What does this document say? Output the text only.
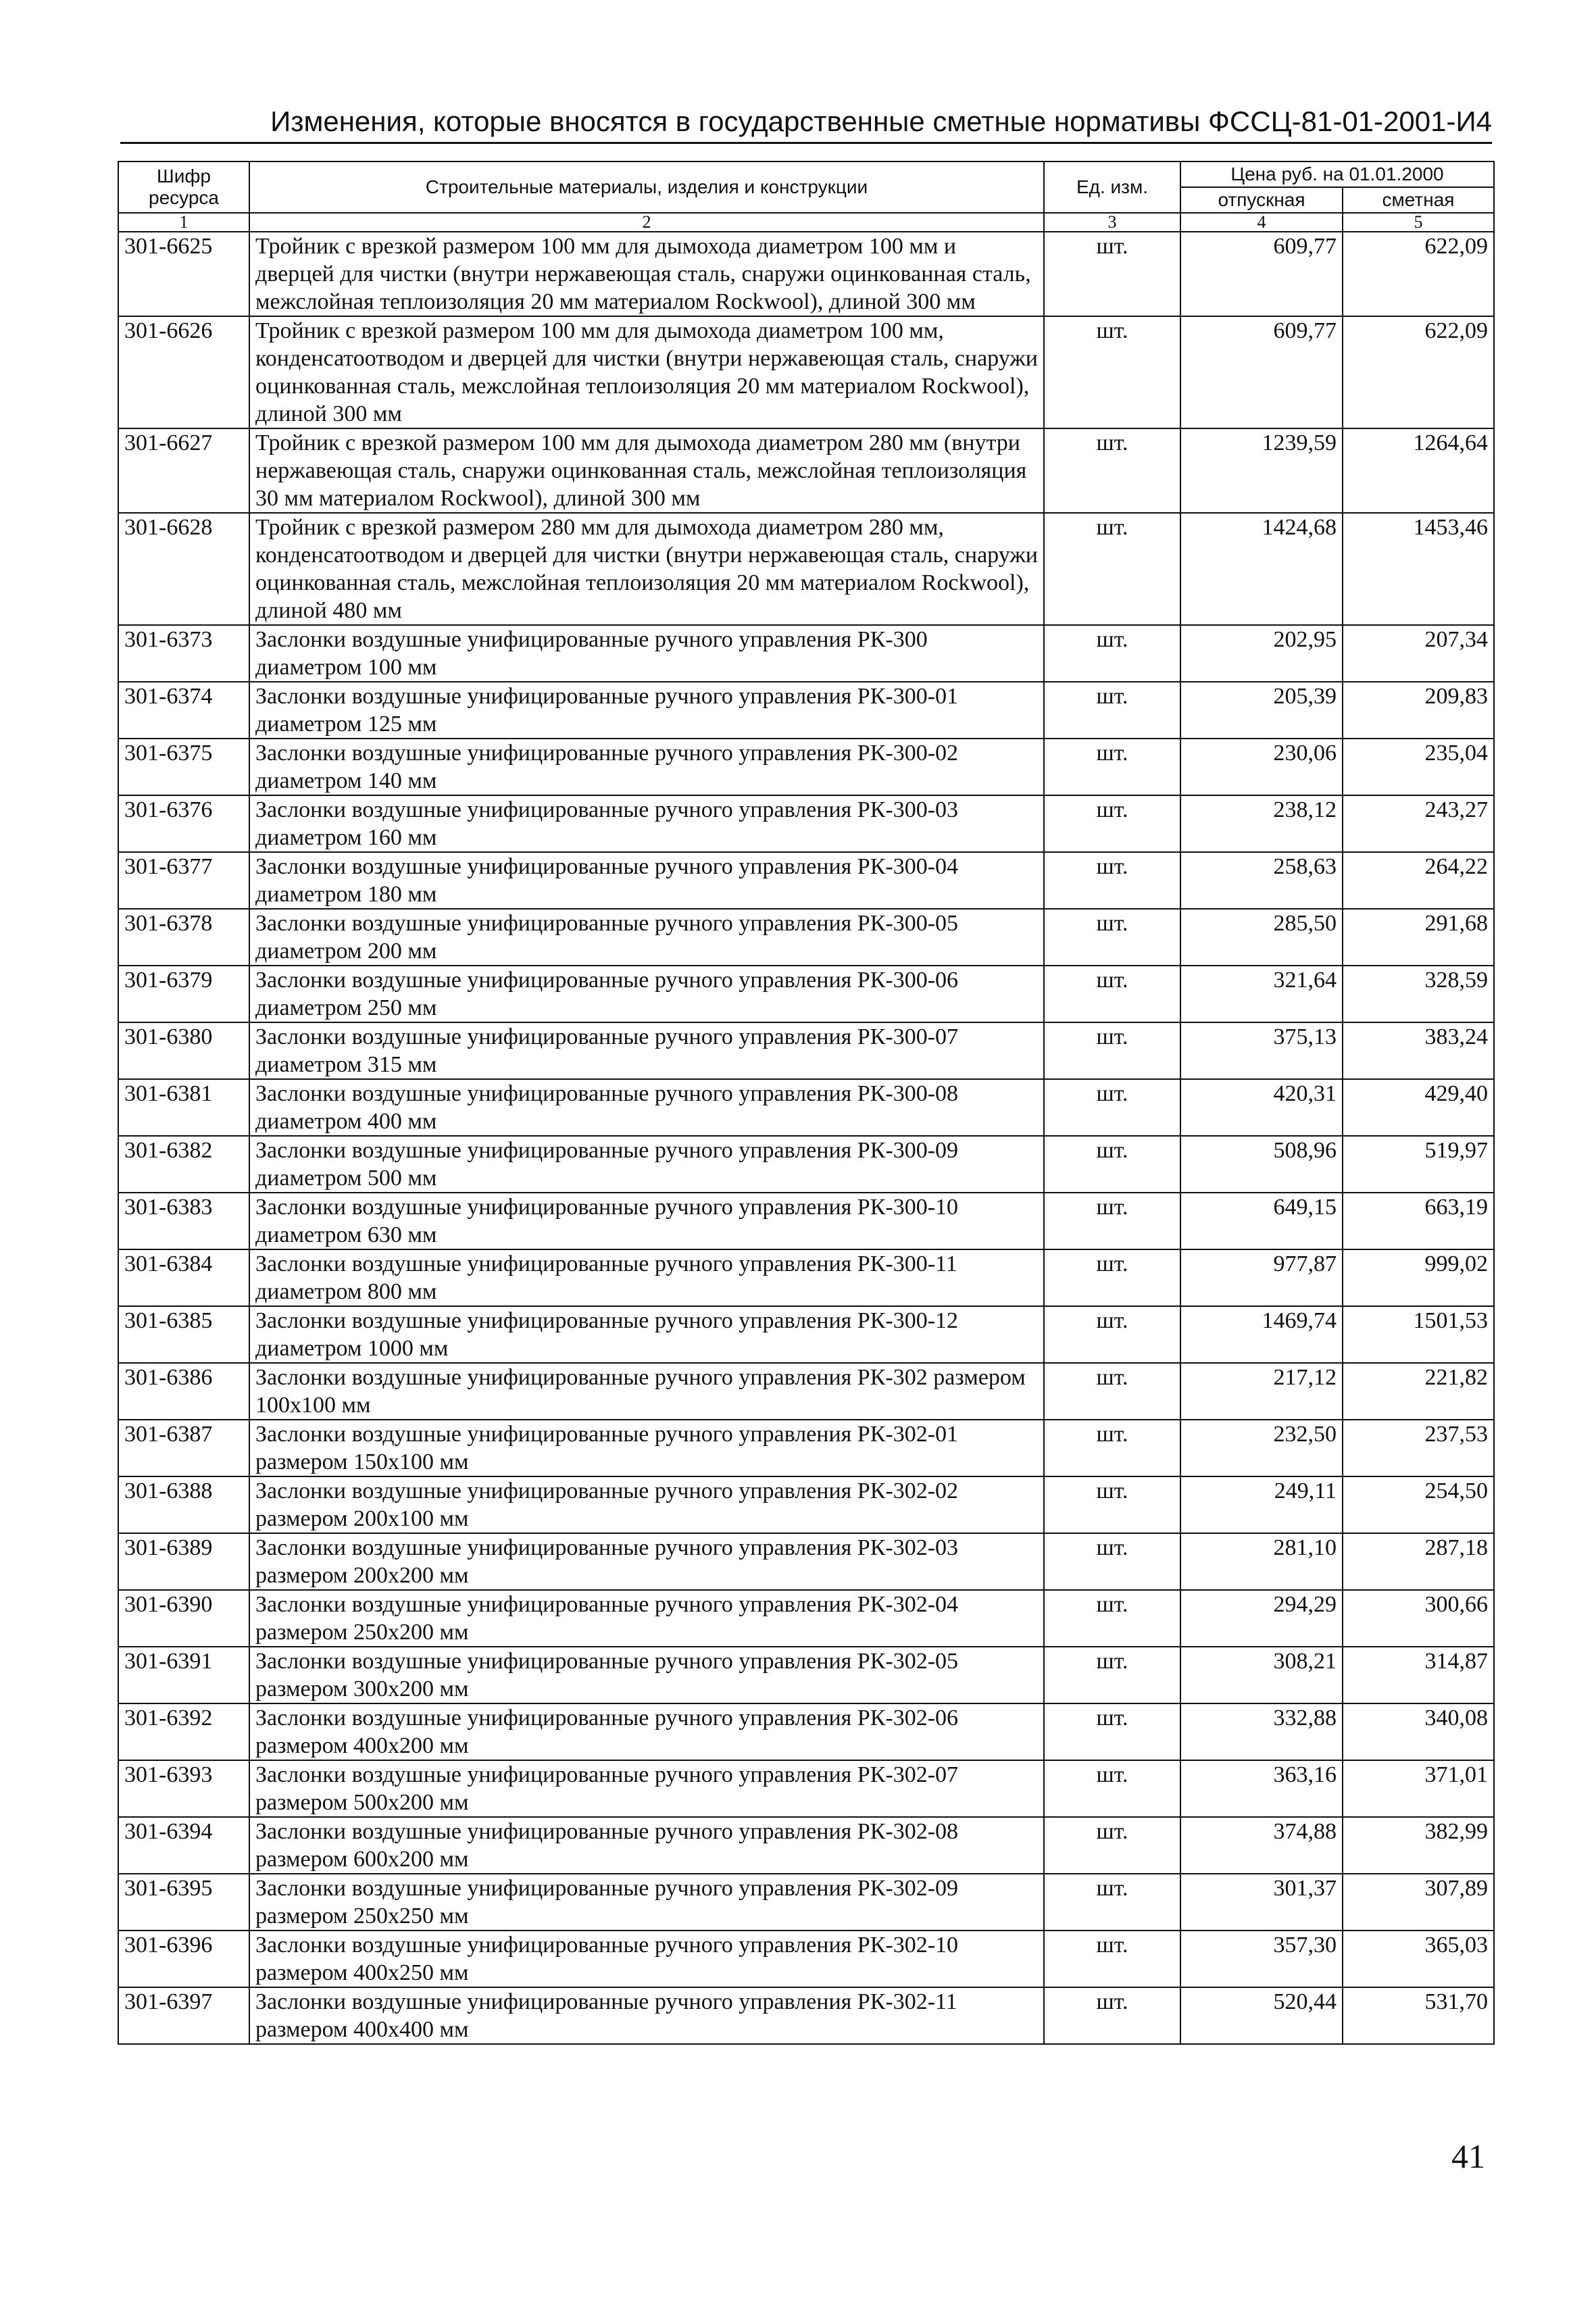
Изменения, которые вносятся в государственные сметные нормативы ФССЦ-81-01-2001-И4
Шифр ресурса	Строительные материалы, изделия и конструкции	Ед. изм.	Цена руб. на 01.01.2000	
			отпускная	сметная
1	2	3	4	5
301-6625	Тройник с врезкой размером 100 мм для дымохода диаметром 100 мм и дверцей для чистки (внутри нержавеющая сталь, снаружи оцинкованная сталь, межслойная теплоизоляция 20 мм материалом Rockwool), длиной 300 мм	шт.	609,77	622,09
301-6626	Тройник с врезкой размером 100 мм для дымохода диаметром 100 мм, конденсатоотводом и дверцей для чистки (внутри нержавеющая сталь, снаружи оцинкованная сталь, межслойная теплоизоляция 20 мм материалом Rockwool), длиной 300 мм	шт.	609,77	622,09
301-6627	Тройник с врезкой размером 100 мм для дымохода диаметром 280 мм (внутри нержавеющая сталь, снаружи оцинкованная сталь, межслойная теплоизоляция 30 мм материалом Rockwool), длиной 300 мм	шт.	1239,59	1264,64
301-6628	Тройник с врезкой размером 280 мм для дымохода диаметром 280 мм, конденсатоотводом и дверцей для чистки (внутри нержавеющая сталь, снаружи оцинкованная сталь, межслойная теплоизоляция 20 мм материалом Rockwool), длиной 480 мм	шт.	1424,68	1453,46
301-6373	Заслонки воздушные унифицированные ручного управления РК-300 диаметром 100 мм	шт.	202,95	207,34
301-6374	Заслонки воздушные унифицированные ручного управления РК-300-01 диаметром 125 мм	шт.	205,39	209,83
301-6375	Заслонки воздушные унифицированные ручного управления РК-300-02 диаметром 140 мм	шт.	230,06	235,04
301-6376	Заслонки воздушные унифицированные ручного управления РК-300-03 диаметром 160 мм	шт.	238,12	243,27
301-6377	Заслонки воздушные унифицированные ручного управления РК-300-04 диаметром 180 мм	шт.	258,63	264,22
301-6378	Заслонки воздушные унифицированные ручного управления РК-300-05 диаметром 200 мм	шт.	285,50	291,68
301-6379	Заслонки воздушные унифицированные ручного управления РК-300-06 диаметром 250 мм	шт.	321,64	328,59
301-6380	Заслонки воздушные унифицированные ручного управления РК-300-07 диаметром 315 мм	шт.	375,13	383,24
301-6381	Заслонки воздушные унифицированные ручного управления РК-300-08 диаметром 400 мм	шт.	420,31	429,40
301-6382	Заслонки воздушные унифицированные ручного управления РК-300-09 диаметром 500 мм	шт.	508,96	519,97
301-6383	Заслонки воздушные унифицированные ручного управления РК-300-10 диаметром 630 мм	шт.	649,15	663,19
301-6384	Заслонки воздушные унифицированные ручного управления РК-300-11 диаметром 800 мм	шт.	977,87	999,02
301-6385	Заслонки воздушные унифицированные ручного управления РК-300-12 диаметром 1000 мм	шт.	1469,74	1501,53
301-6386	Заслонки воздушные унифицированные ручного управления РК-302 размером 100х100 мм	шт.	217,12	221,82
301-6387	Заслонки воздушные унифицированные ручного управления РК-302-01 размером 150х100 мм	шт.	232,50	237,53
301-6388	Заслонки воздушные унифицированные ручного управления РК-302-02 размером 200х100 мм	шт.	249,11	254,50
301-6389	Заслонки воздушные унифицированные ручного управления РК-302-03 размером 200х200 мм	шт.	281,10	287,18
301-6390	Заслонки воздушные унифицированные ручного управления РК-302-04 размером 250х200 мм	шт.	294,29	300,66
301-6391	Заслонки воздушные унифицированные ручного управления РК-302-05 размером 300х200 мм	шт.	308,21	314,87
301-6392	Заслонки воздушные унифицированные ручного управления РК-302-06 размером 400х200 мм	шт.	332,88	340,08
301-6393	Заслонки воздушные унифицированные ручного управления РК-302-07 размером 500х200 мм	шт.	363,16	371,01
301-6394	Заслонки воздушные унифицированные ручного управления РК-302-08 размером 600х200 мм	шт.	374,88	382,99
301-6395	Заслонки воздушные унифицированные ручного управления РК-302-09 размером 250х250 мм	шт.	301,37	307,89
301-6396	Заслонки воздушные унифицированные ручного управления РК-302-10 размером 400х250 мм	шт.	357,30	365,03
301-6397	Заслонки воздушные унифицированные ручного управления РК-302-11 размером 400х400 мм	шт.	520,44	531,70
41
